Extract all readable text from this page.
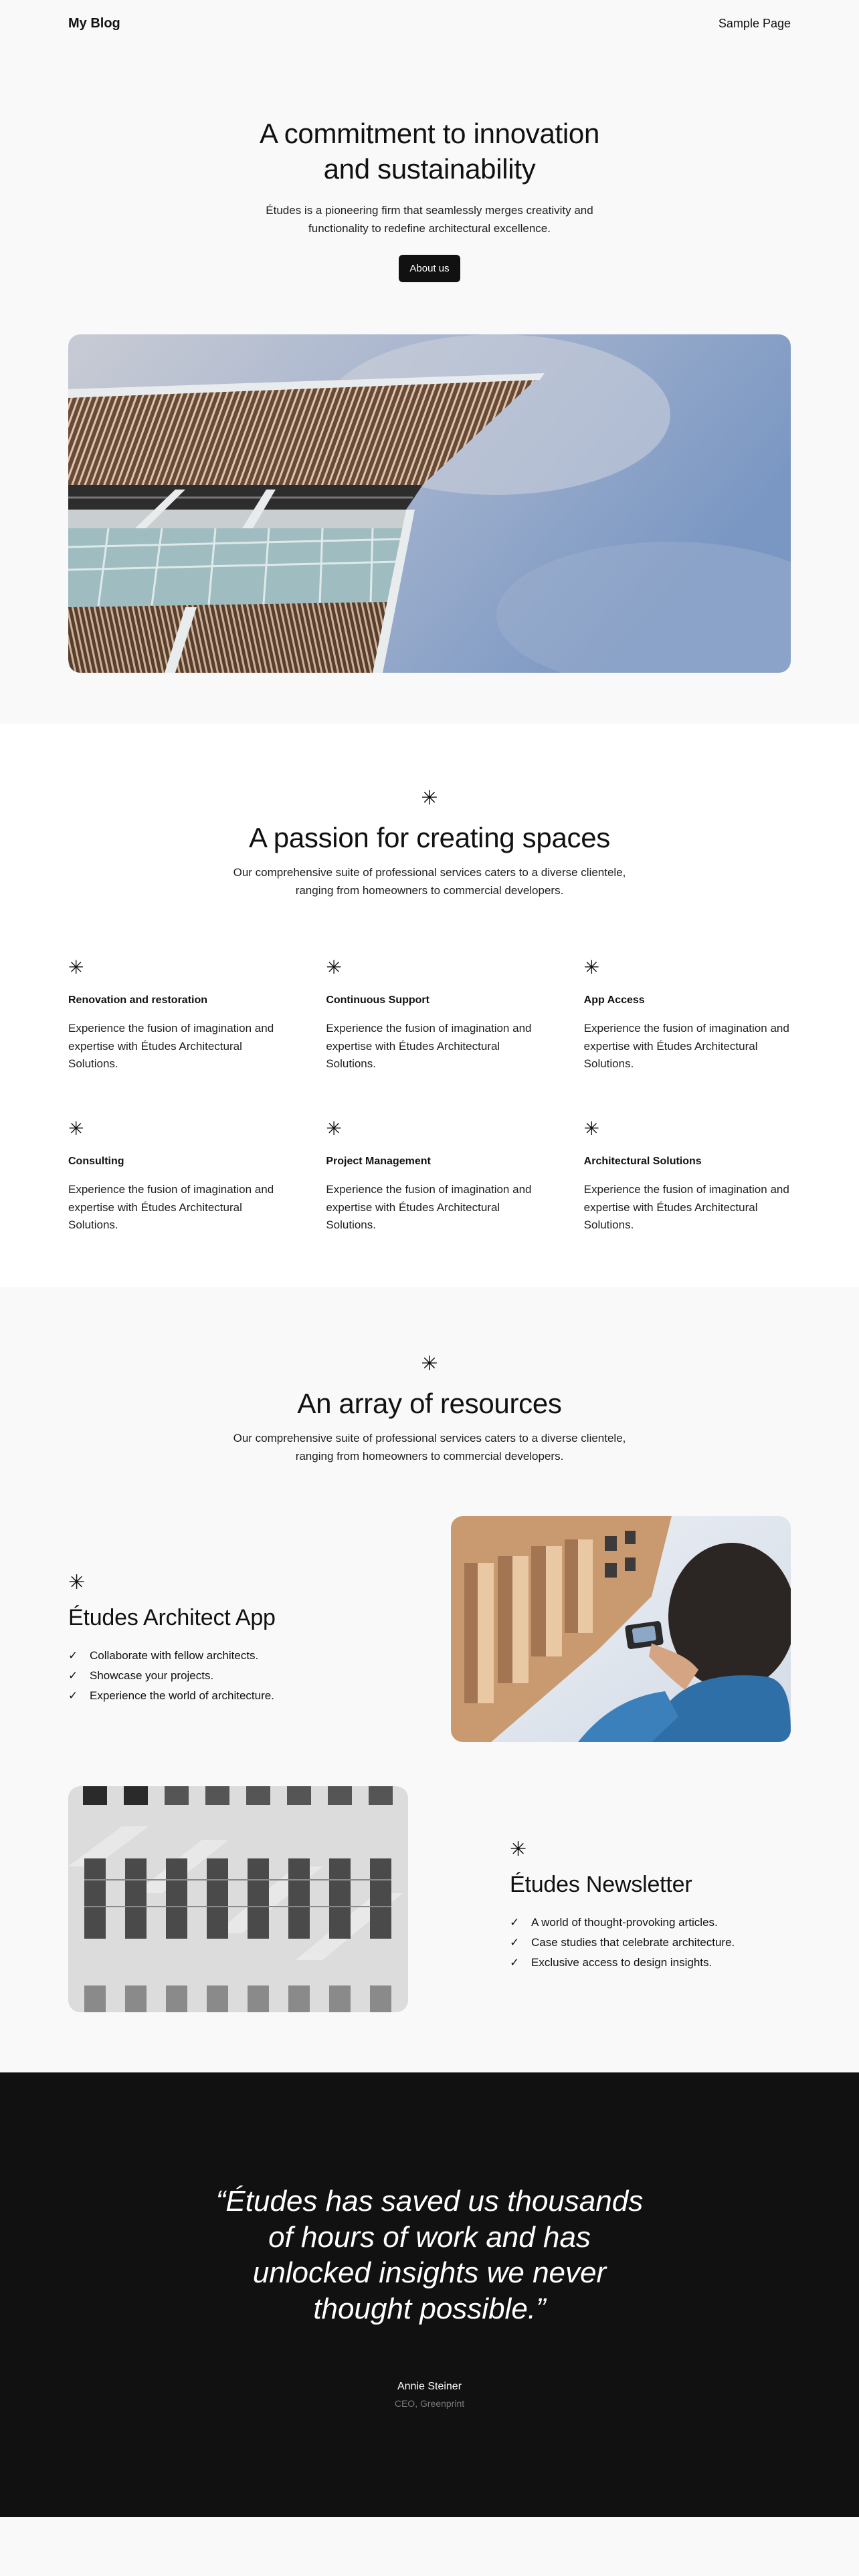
My Blog	Sample Page
A commitment to innovation and sustainability

Études is a pioneering firm that seamlessly merges creativity and functionality to redefine architectural excellence.

About us
✳
A passion for creating spaces

Our comprehensive suite of professional services caters to a diverse clientele, ranging from homeowners to commercial developers.

✳
Renovation and restoration

Experience the fusion of imagination and expertise with Études Architectural Solutions.

✳
Continuous Support

Experience the fusion of imagination and expertise with Études Architectural Solutions.

✳
App Access

Experience the fusion of imagination and expertise with Études Architectural Solutions.

✳
Consulting

Experience the fusion of imagination and expertise with Études Architectural Solutions.

✳
Project Management

Experience the fusion of imagination and expertise with Études Architectural Solutions.

✳
Architectural Solutions

Experience the fusion of imagination and expertise with Études Architectural Solutions.

✳
An array of resources

Our comprehensive suite of professional services caters to a diverse clientele, ranging from homeowners to commercial developers.

✳
Études Architect App
✓	Collaborate with fellow architects.
✓	Showcase your projects.
✓	Experience the world of architecture.
✳
Études Newsletter
✓	A world of thought-provoking articles.
✓	Case studies that celebrate architecture.
✓	Exclusive access to design insights.
“Études has saved us thousands of hours of work and has unlocked insights we never thought possible.”
Annie Steiner
CEO, Greenprint
